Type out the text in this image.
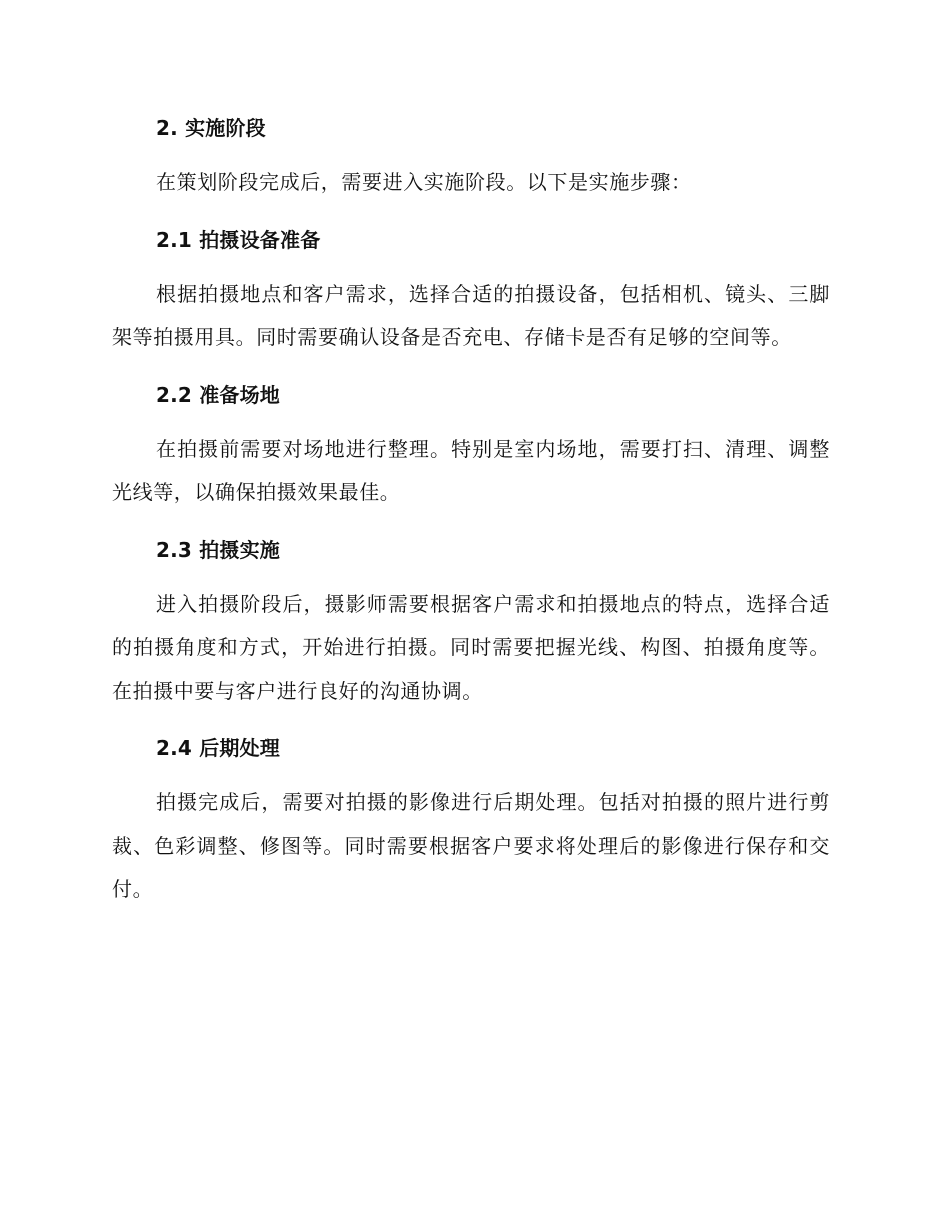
2. 实施阶段

在策划阶段完成后，需要进入实施阶段。以下是实施步骤：

2.1 拍摄设备准备

根据拍摄地点和客户需求，选择合适的拍摄设备，包括相机、镜头、三脚架等拍摄用具。同时需要确认设备是否充电、存储卡是否有足够的空间等。

2.2 准备场地

在拍摄前需要对场地进行整理。特别是室内场地，需要打扫、清理、调整光线等，以确保拍摄效果最佳。

2.3 拍摄实施

进入拍摄阶段后，摄影师需要根据客户需求和拍摄地点的特点，选择合适的拍摄角度和方式，开始进行拍摄。同时需要把握光线、构图、拍摄角度等。在拍摄中要与客户进行良好的沟通协调。

2.4 后期处理

拍摄完成后，需要对拍摄的影像进行后期处理。包括对拍摄的照片进行剪裁、色彩调整、修图等。同时需要根据客户要求将处理后的影像进行保存和交付。
